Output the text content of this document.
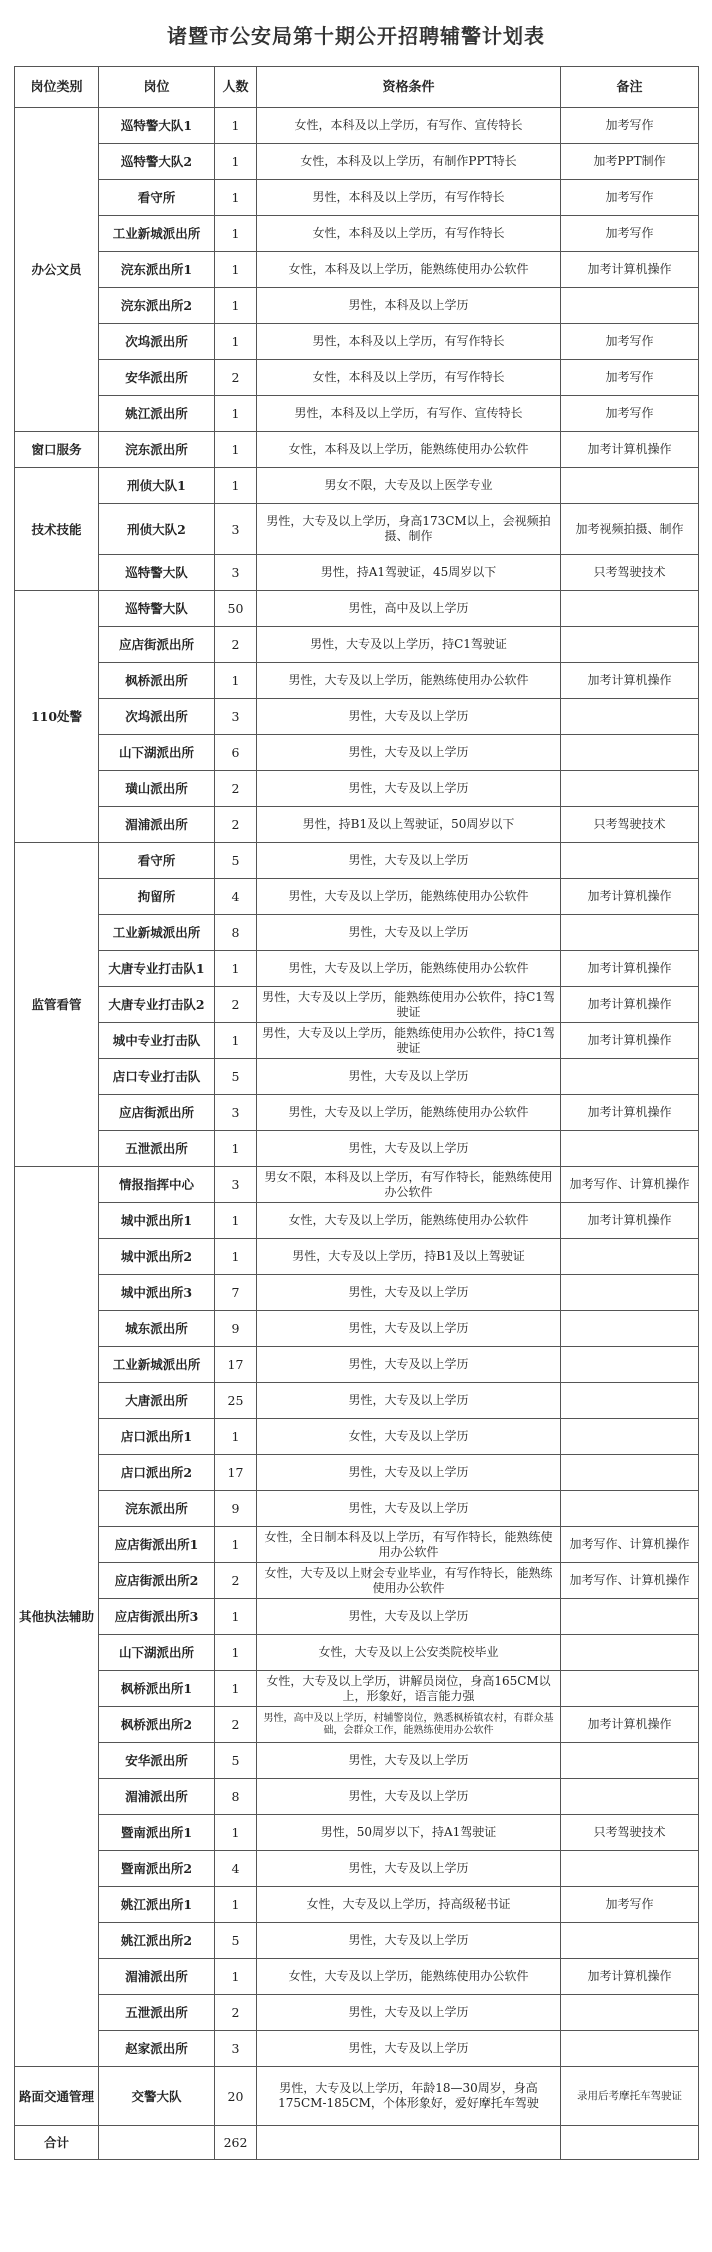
诸暨市公安局第十期公开招聘辅警计划表
岗位类别	岗位	人数	资格条件	备注
办公文员	巡特警大队1	1	女性，本科及以上学历，有写作、宣传特长	加考写作
	巡特警大队2	1	女性，本科及以上学历，有制作PPT特长	加考PPT制作
	看守所	1	男性，本科及以上学历，有写作特长	加考写作
	工业新城派出所	1	女性，本科及以上学历，有写作特长	加考写作
	浣东派出所1	1	女性，本科及以上学历，能熟练使用办公软件	加考计算机操作
	浣东派出所2	1	男性，本科及以上学历	
	次坞派出所	1	男性，本科及以上学历，有写作特长	加考写作
	安华派出所	2	女性，本科及以上学历，有写作特长	加考写作
	姚江派出所	1	男性，本科及以上学历，有写作、宣传特长	加考写作
窗口服务	浣东派出所	1	女性，本科及以上学历，能熟练使用办公软件	加考计算机操作
技术技能	刑侦大队1	1	男女不限，大专及以上医学专业	
	刑侦大队2	3	男性，大专及以上学历，身高173CM以上，会视频拍摄、制作	加考视频拍摄、制作
	巡特警大队	3	男性，持A1驾驶证，45周岁以下	只考驾驶技术
110处警	巡特警大队	50	男性，高中及以上学历	
	应店街派出所	2	男性，大专及以上学历，持C1驾驶证	
	枫桥派出所	1	男性，大专及以上学历，能熟练使用办公软件	加考计算机操作
	次坞派出所	3	男性，大专及以上学历	
	山下湖派出所	6	男性，大专及以上学历	
	璜山派出所	2	男性，大专及以上学历	
	湄浦派出所	2	男性，持B1及以上驾驶证，50周岁以下	只考驾驶技术
监管看管	看守所	5	男性，大专及以上学历	
	拘留所	4	男性，大专及以上学历，能熟练使用办公软件	加考计算机操作
	工业新城派出所	8	男性，大专及以上学历	
	大唐专业打击队1	1	男性，大专及以上学历，能熟练使用办公软件	加考计算机操作
	大唐专业打击队2	2	男性，大专及以上学历，能熟练使用办公软件，持C1驾驶证	加考计算机操作
	城中专业打击队	1	男性，大专及以上学历，能熟练使用办公软件，持C1驾驶证	加考计算机操作
	店口专业打击队	5	男性，大专及以上学历	
	应店街派出所	3	男性，大专及以上学历，能熟练使用办公软件	加考计算机操作
	五泄派出所	1	男性，大专及以上学历	
其他执法辅助	情报指挥中心	3	男女不限，本科及以上学历，有写作特长，能熟练使用办公软件	加考写作、计算机操作
	城中派出所1	1	女性，大专及以上学历，能熟练使用办公软件	加考计算机操作
	城中派出所2	1	男性，大专及以上学历，持B1及以上驾驶证	
	城中派出所3	7	男性，大专及以上学历	
	城东派出所	9	男性，大专及以上学历	
	工业新城派出所	17	男性，大专及以上学历	
	大唐派出所	25	男性，大专及以上学历	
	店口派出所1	1	女性，大专及以上学历	
	店口派出所2	17	男性，大专及以上学历	
	浣东派出所	9	男性，大专及以上学历	
	应店街派出所1	1	女性，全日制本科及以上学历，有写作特长，能熟练使用办公软件	加考写作、计算机操作
	应店街派出所2	2	女性，大专及以上财会专业毕业，有写作特长，能熟练使用办公软件	加考写作、计算机操作
	应店街派出所3	1	男性，大专及以上学历	
	山下湖派出所	1	女性，大专及以上公安类院校毕业	
	枫桥派出所1	1	女性，大专及以上学历，讲解员岗位，身高165CM以上，形象好，语言能力强	
	枫桥派出所2	2	男性，高中及以上学历，村辅警岗位，熟悉枫桥镇农村，有群众基础，会群众工作，能熟练使用办公软件	加考计算机操作
	安华派出所	5	男性，大专及以上学历	
	湄浦派出所	8	男性，大专及以上学历	
	暨南派出所1	1	男性，50周岁以下，持A1驾驶证	只考驾驶技术
	暨南派出所2	4	男性，大专及以上学历	
	姚江派出所1	1	女性，大专及以上学历，持高级秘书证	加考写作
	姚江派出所2	5	男性，大专及以上学历	
	湄浦派出所	1	女性，大专及以上学历，能熟练使用办公软件	加考计算机操作
	五泄派出所	2	男性，大专及以上学历	
	赵家派出所	3	男性，大专及以上学历	
路面交通管理	交警大队	20	男性，大专及以上学历，年龄18—30周岁，身高175CM-185CM，个体形象好，爱好摩托车驾驶	录用后考摩托车驾驶证
合计		262		
